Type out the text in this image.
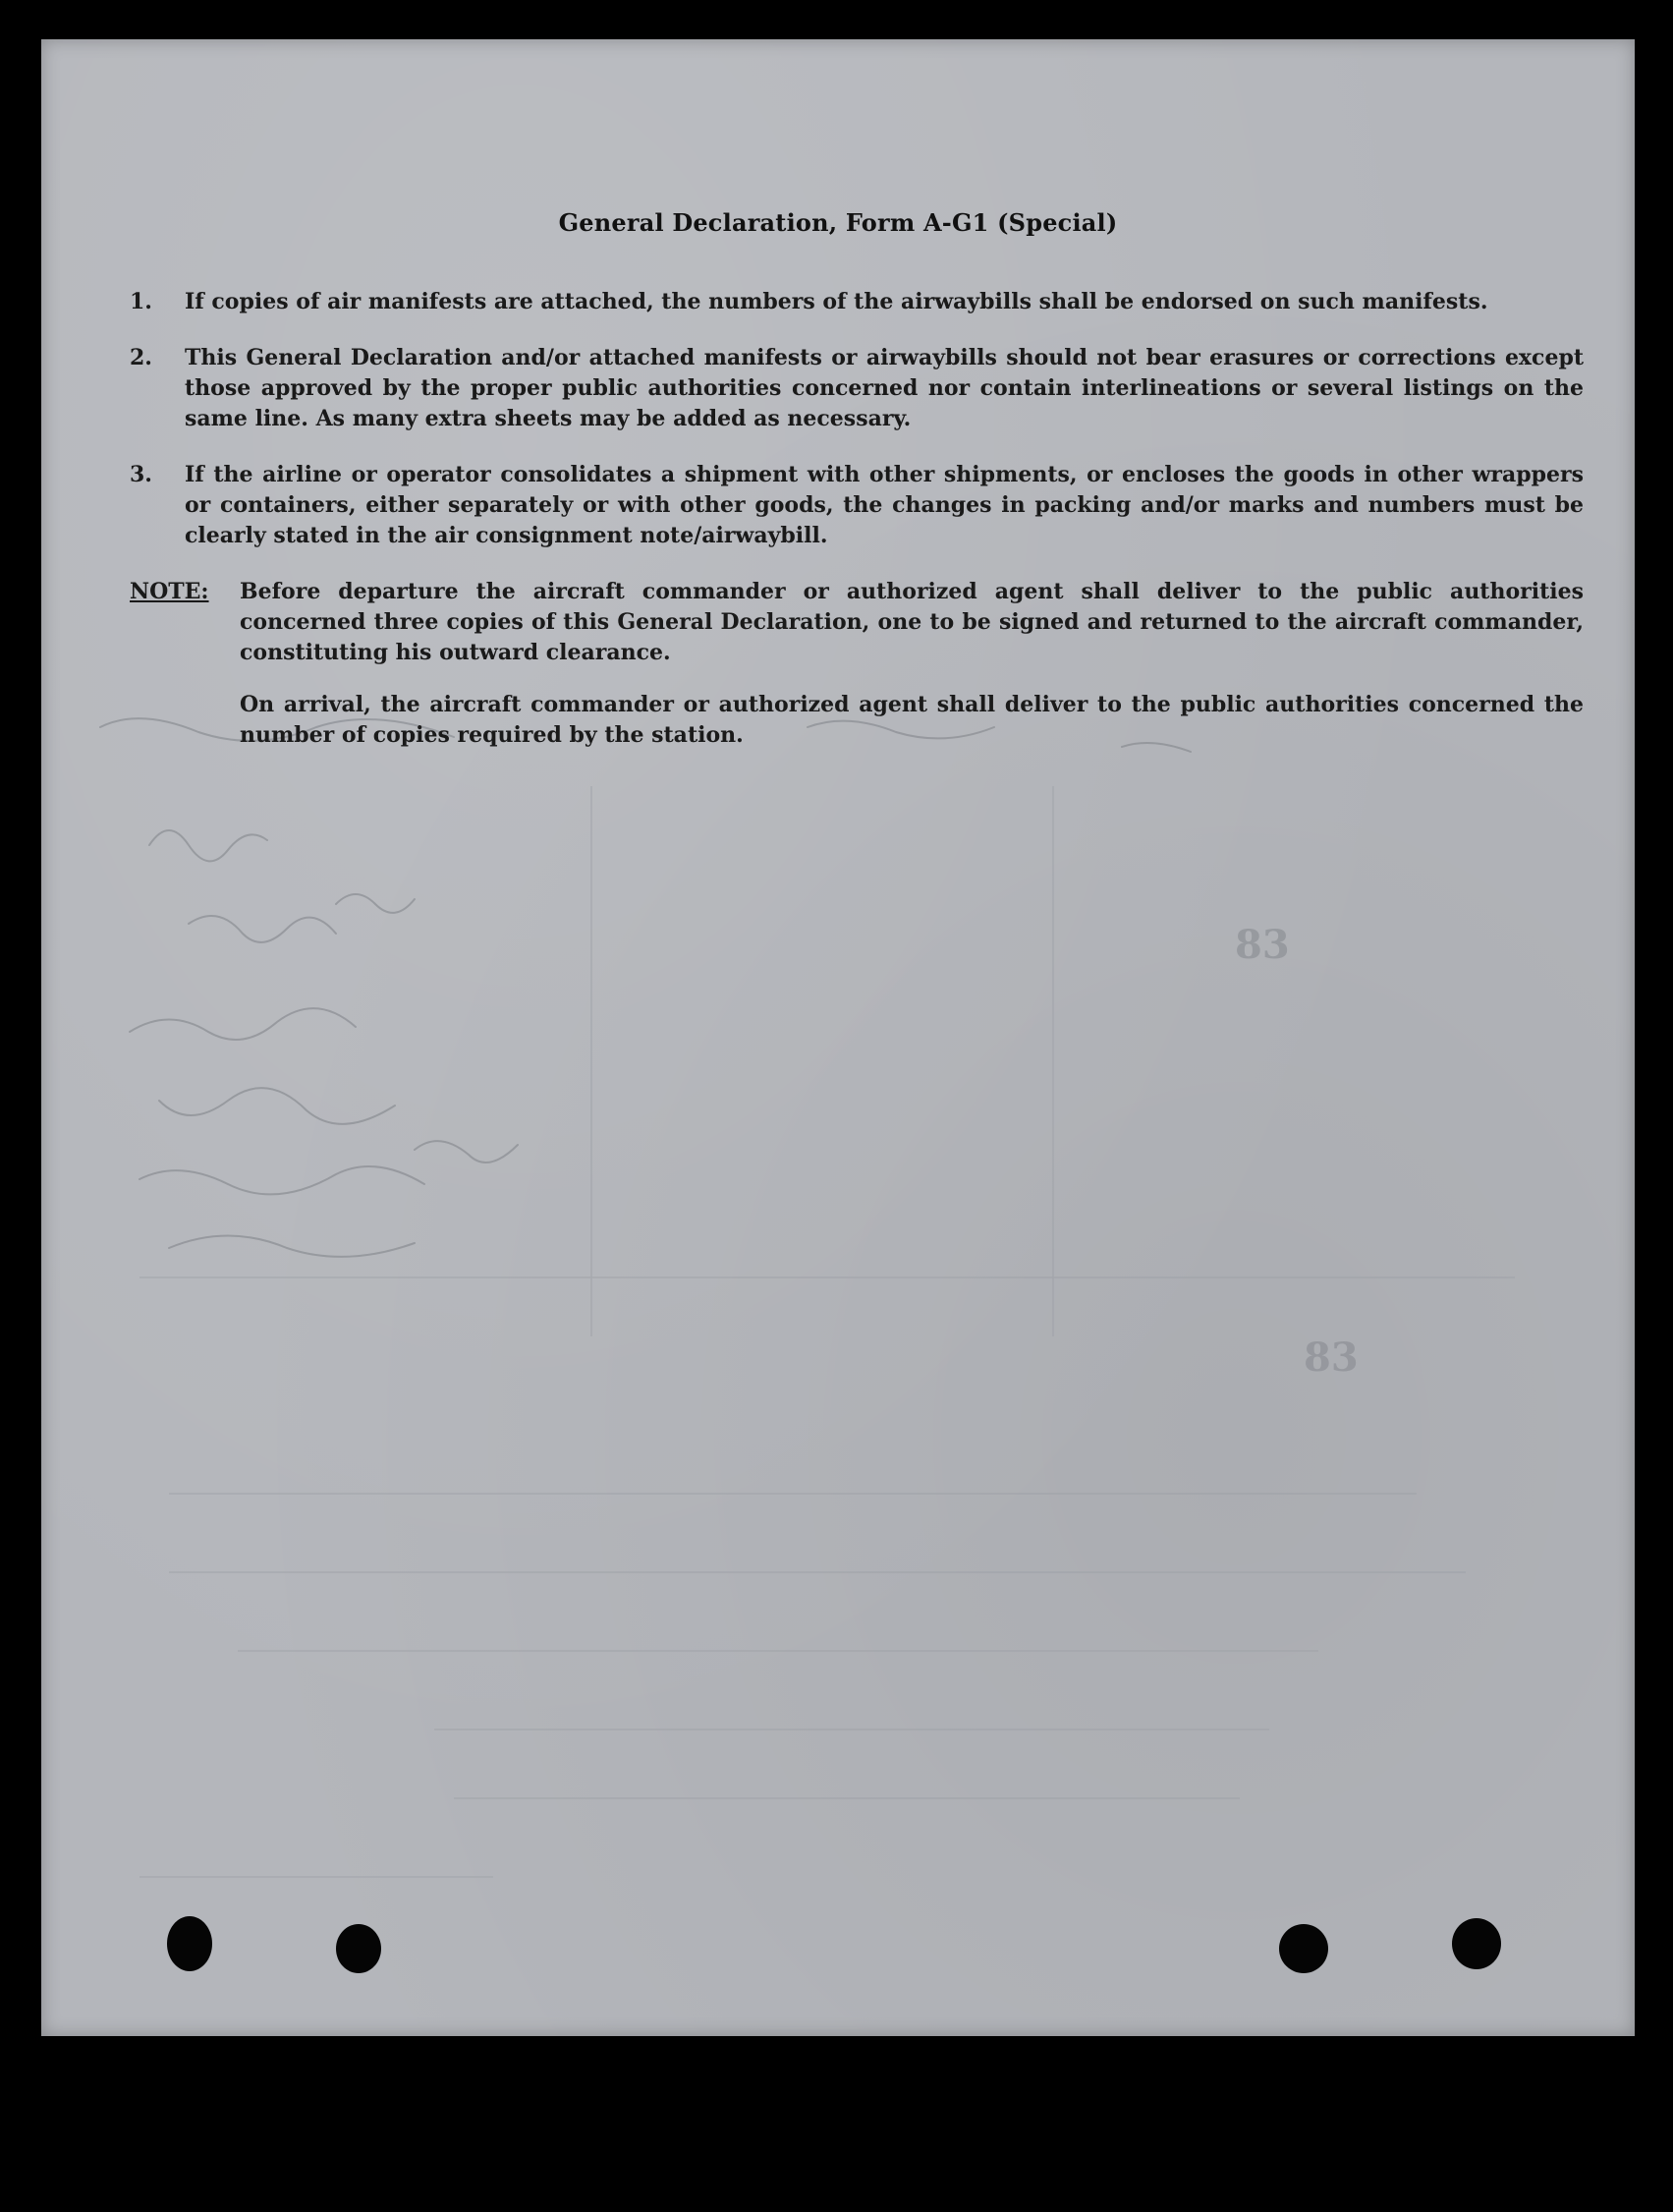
83
83
General Declaration, Form A-G1 (Special)
1.	If copies of air manifests are attached, the numbers of the airwaybills shall be endorsed on such manifests.
2.	This General Declaration and/or attached manifests or airwaybills should not bear erasures or corrections except those approved by the proper public authorities concerned nor contain interlineations or several listings on the same line. As many extra sheets may be added as necessary.
3.	If the airline or operator consolidates a shipment with other shipments, or encloses the goods in other wrappers or containers, either separately or with other goods, the changes in packing and/or marks and numbers must be clearly stated in the air consignment note/airwaybill.
NOTE:	Before departure the aircraft commander or authorized agent shall deliver to the public authorities concerned three copies of this General Declaration, one to be signed and returned to the aircraft commander, constituting his outward clearance.

On arrival, the aircraft commander or authorized agent shall deliver to the public authorities concerned the number of copies required by the station.
